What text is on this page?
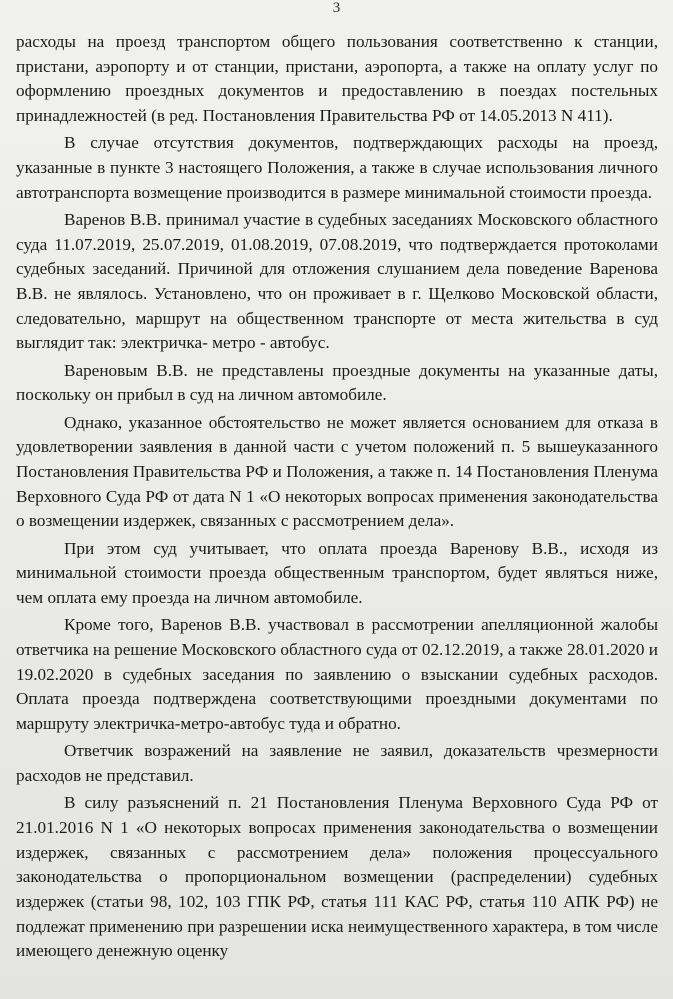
3

расходы на проезд транспортом общего пользования соответственно к станции, пристани, аэропорту и от станции, пристани, аэропорта, а также на оплату услуг по оформлению проездных документов и предоставлению в поездах постельных принадлежностей (в ред. Постановления Правительства РФ от 14.05.2013 N 411).

В случае отсутствия документов, подтверждающих расходы на проезд, указанные в пункте 3 настоящего Положения, а также в случае использования личного автотранспорта возмещение производится в размере минимальной стоимости проезда.

Варенов В.В. принимал участие в судебных заседаниях Московского областного суда 11.07.2019, 25.07.2019, 01.08.2019, 07.08.2019, что подтверждается протоколами судебных заседаний. Причиной для отложения слушанием дела поведение Варенова В.В. не являлось. Установлено, что он проживает в г. Щелково Московской области, следовательно, маршрут на общественном транспорте от места жительства в суд выглядит так: электричка- метро - автобус.

Вареновым В.В. не представлены проездные документы на указанные даты, поскольку он прибыл в суд на личном автомобиле.

Однако, указанное обстоятельство не может является основанием для отказа в удовлетворении заявления в данной части с учетом положений п. 5 вышеуказанного Постановления Правительства РФ и Положения, а также п. 14 Постановления Пленума Верховного Суда РФ от дата N 1 «О некоторых вопросах применения законодательства о возмещении издержек, связанных с рассмотрением дела».

При этом суд учитывает, что оплата проезда Варенову В.В., исходя из минимальной стоимости проезда общественным транспортом, будет являться ниже, чем оплата ему проезда на личном автомобиле.

Кроме того, Варенов В.В. участвовал в рассмотрении апелляционной жалобы ответчика на решение Московского областного суда от 02.12.2019, а также 28.01.2020 и 19.02.2020 в судебных заседания по заявлению о взыскании судебных расходов. Оплата проезда подтверждена соответствующими проездными документами по маршруту электричка-метро-автобус туда и обратно.

Ответчик возражений на заявление не заявил, доказательств чрезмерности расходов не представил.

В силу разъяснений п. 21 Постановления Пленума Верховного Суда РФ от 21.01.2016 N 1 «О некоторых вопросах применения законодательства о возмещении издержек, связанных с рассмотрением дела» положения процессуального законодательства о пропорциональном возмещении (распределении) судебных издержек (статьи 98, 102, 103 ГПК РФ, статья 111 КАС РФ, статья 110 АПК РФ) не подлежат применению при разрешении иска неимущественного характера, в том числе имеющего денежную оценку
